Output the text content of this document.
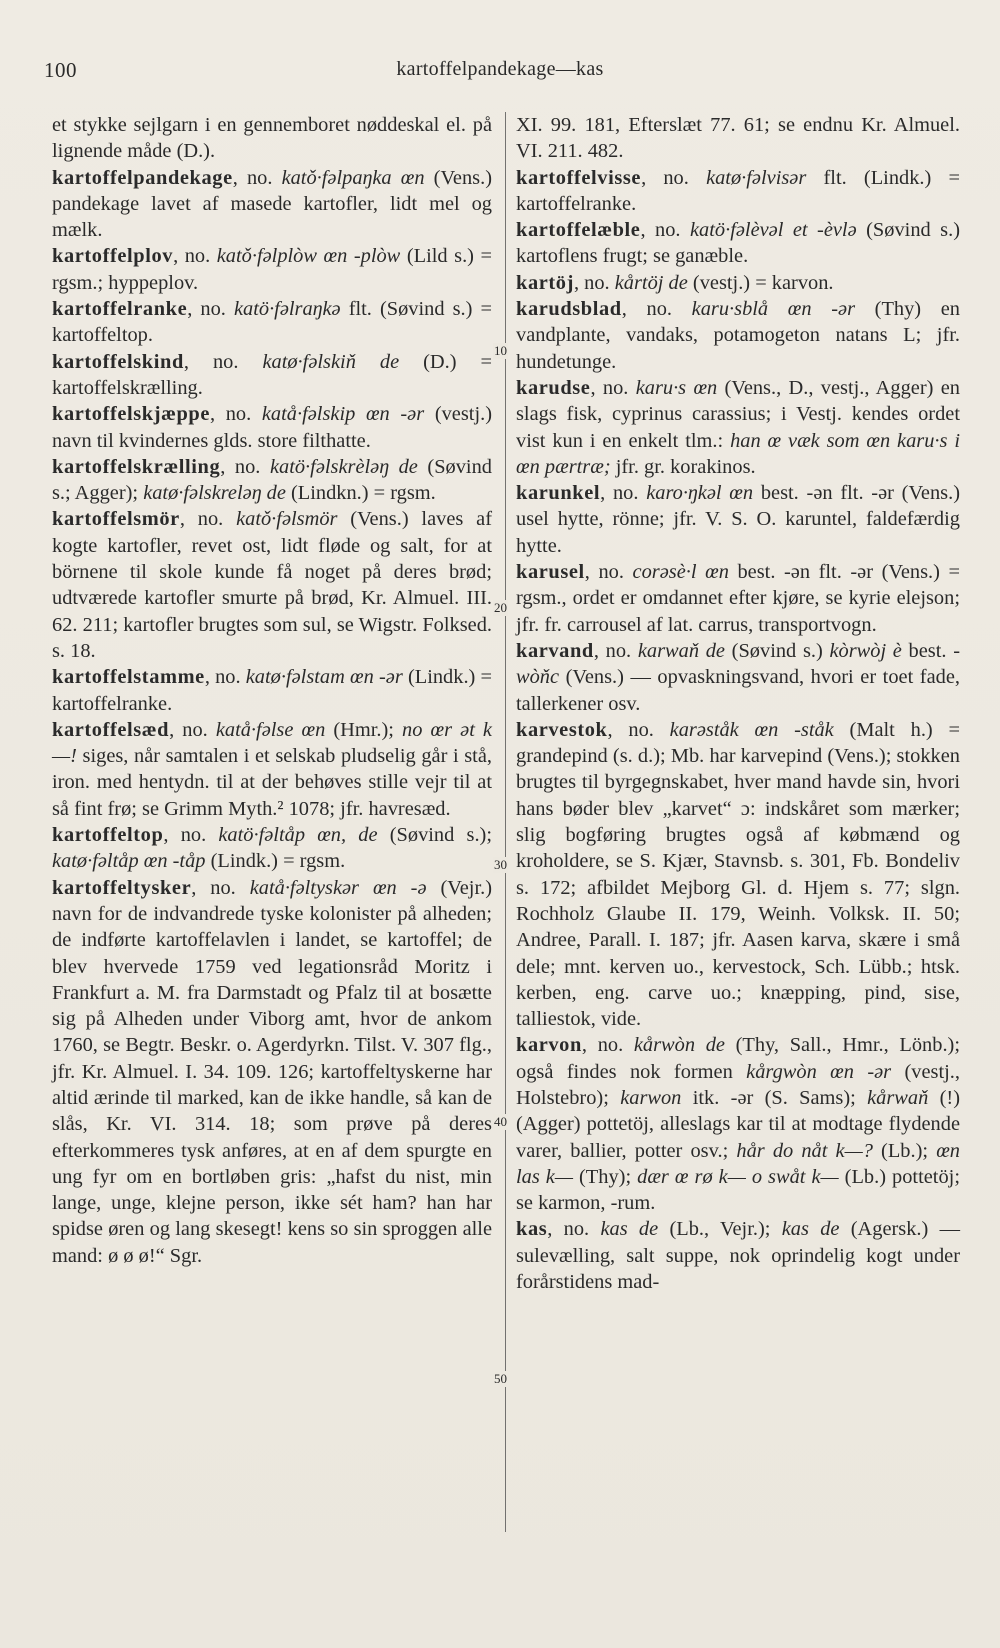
100	kartoffelpandekage—kas

et stykke sejlgarn i en gennemboret nøddeskal el. på lignende måde (D.).

kartoffelpandekage, no. katǒ·fəlpaŋka œn (Vens.) pandekage lavet af masede kartofler, lidt mel og mælk.

kartoffelplov, no. katǒ·fəlplòw œn -plòw (Lild s.) = rgsm.; hyppeplov.

kartoffelranke, no. katö·fəlraŋkə flt. (Søvind s.) = kartoffeltop.

kartoffelskind, no. katø·fəlskiň de (D.) = kartoffelskrælling.

kartoffelskjæppe, no. katå·fəlskip œn -ər (vestj.) navn til kvindernes glds. store filthatte.

kartoffelskrælling, no. katö·fəlskrèləŋ de (Søvind s.; Agger); katø·fəlskreləŋ de (Lindkn.) = rgsm.

kartoffelsmör, no. katǒ·fəlsmör (Vens.) laves af kogte kartofler, revet ost, lidt fløde og salt, for at börnene til skole kunde få noget på deres brød; udtværede kartofler smurte på brød, Kr. Almuel. III. 62. 211; kartofler brugtes som sul, se Wigstr. Folksed. s. 18.

kartoffelstamme, no. katø·fəlstam œn -ər (Lindk.) = kartoffelranke.

kartoffelsæd, no. katå·fəlse œn (Hmr.); no œr ət k—! siges, når samtalen i et selskab pludselig går i stå, iron. med hentydn. til at der behøves stille vejr til at så fint frø; se Grimm Myth.² 1078; jfr. havresæd.

kartoffeltop, no. katö·fəltåp œn, de (Søvind s.); katø·fəltåp œn -tåp (Lindk.) = rgsm.

kartoffeltysker, no. katå·fəltyskər œn -ə (Vejr.) navn for de indvandrede tyske kolonister på alheden; de indførte kartoffelavlen i landet, se kartoffel; de blev hvervede 1759 ved legationsråd Moritz i Frankfurt a. M. fra Darmstadt og Pfalz til at bosætte sig på Alheden under Viborg amt, hvor de ankom 1760, se Begtr. Beskr. o. Agerdyrkn. Tilst. V. 307 flg., jfr. Kr. Almuel. I. 34. 109. 126; kartoffeltyskerne har altid ærinde til marked, kan de ikke handle, så kan de slås, Kr. VI. 314. 18; som prøve på deres efterkommeres tysk anføres, at en af dem spurgte en ung fyr om en bortløben gris: „hafst du nist, min lange, unge, klejne person, ikke sét ham? han har spidse øren og lang skesegt! kens so sin sproggen alle mand: ø ø ø!“ Sgr.

XI. 99. 181, Efterslæt 77. 61; se endnu Kr. Almuel. VI. 211. 482.

kartoffelvisse, no. katø·fəlvisər flt. (Lindk.) = kartoffelranke.

kartoffelæble, no. katö·fəlèvəl et -èvlə (Søvind s.) kartoflens frugt; se ganæble.

kartöj, no. kårtöj de (vestj.) = karvon.

karudsblad, no. karu·sblå œn -ər (Thy) en vandplante, vandaks, potamogeton natans L; jfr. hundetunge.

karudse, no. karu·s œn (Vens., D., vestj., Agger) en slags fisk, cyprinus carassius; i Vestj. kendes ordet vist kun i en enkelt tlm.: han œ væk som œn karu·s i œn pærtræ; jfr. gr. korakinos.

karunkel, no. karo·ŋkəl œn best. -ən flt. -ər (Vens.) usel hytte, rönne; jfr. V. S. O. karuntel, faldefærdig hytte.

karusel, no. corəsè·l œn best. -ən flt. -ər (Vens.) = rgsm., ordet er omdannet efter kjøre, se kyrie elejson; jfr. fr. carrousel af lat. carrus, transportvogn.

karvand, no. karwaň de (Søvind s.) kòrwòj è best. -wòňc (Vens.) — opvaskningsvand, hvori er toet fade, tallerkener osv.

karvestok, no. karəståk œn -ståk (Malt h.) = grandepind (s. d.); Mb. har karvepind (Vens.); stokken brugtes til byrgegnskabet, hver mand havde sin, hvori hans bøder blev „karvet“ ɔ: indskåret som mærker; slig bogføring brugtes også af købmænd og kroholdere, se S. Kjær, Stavnsb. s. 301, Fb. Bondeliv s. 172; afbildet Mejborg Gl. d. Hjem s. 77; slgn. Rochholz Glaube II. 179, Weinh. Volksk. II. 50; Andree, Parall. I. 187; jfr. Aasen karva, skære i små dele; mnt. kerven uo., kervestock, Sch. Lübb.; htsk. kerben, eng. carve uo.; knæpping, pind, sise, talliestok, vide.

karvon, no. kårwòn de (Thy, Sall., Hmr., Lönb.); også findes nok formen kårgwòn œn -ər (vestj., Holstebro); karwon itk. -ər (S. Sams); kårwaň (!) (Agger) pottetöj, alleslags kar til at modtage flydende varer, ballier, potter osv.; hår do nåt k—? (Lb.); œn las k— (Thy); dær œ rø k— o swåt k— (Lb.) pottetöj; se karmon, -rum.

kas, no. kas de (Lb., Vejr.); kas de (Agersk.) — sulevælling, salt suppe, nok oprindelig kogt under forårstidens mad-

10
20
30
40
50
